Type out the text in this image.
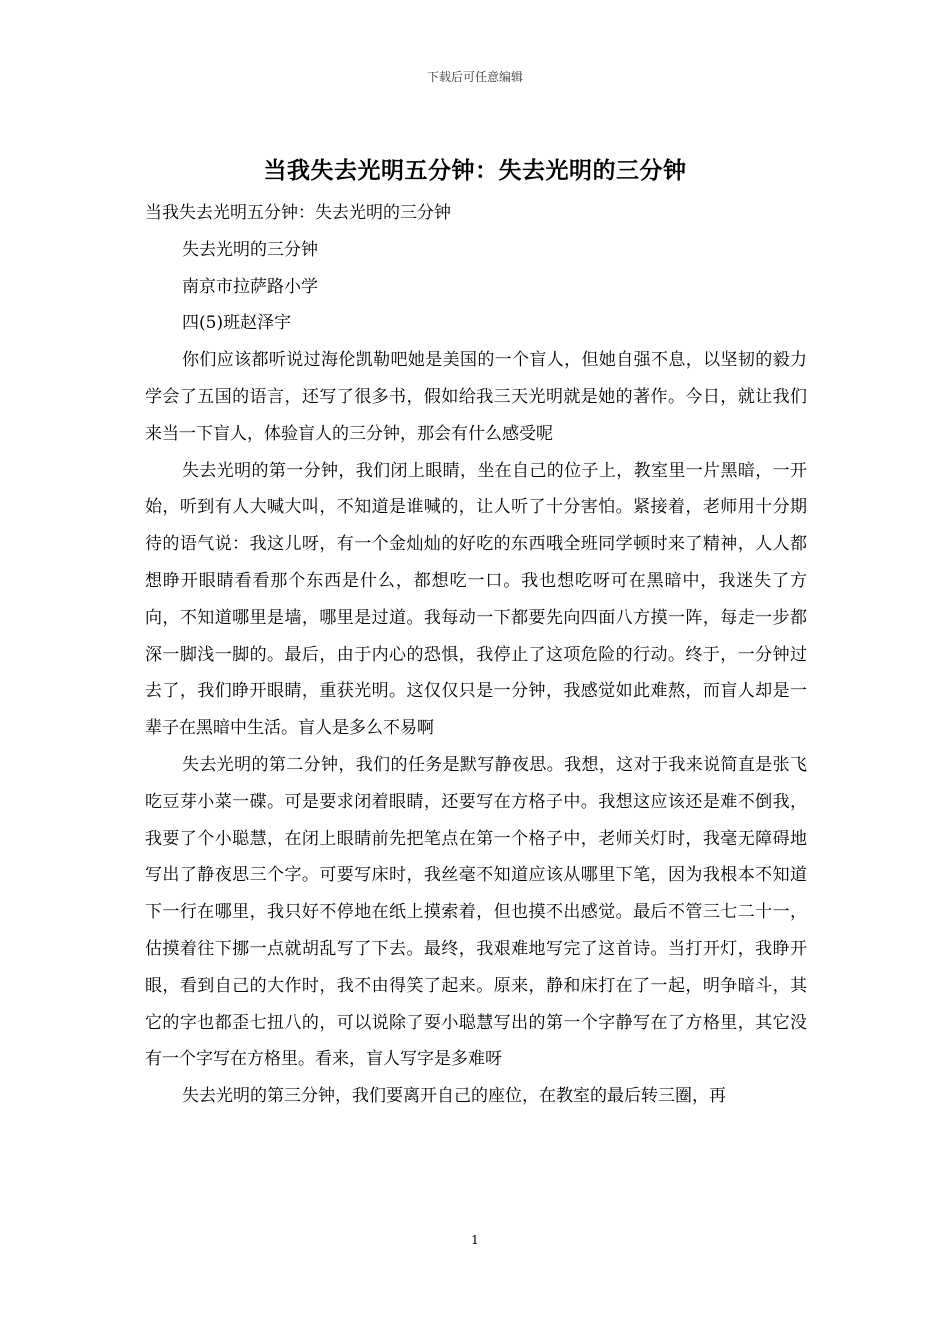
下载后可任意编辑
当我失去光明五分钟：失去光明的三分钟
当我失去光明五分钟：失去光明的三分钟
失去光明的三分钟
南京市拉萨路小学
四(5)班赵泽宇

你们应该都听说过海伦凯勒吧她是美国的一个盲人，但她自强不息，以坚韧的毅力学会了五国的语言，还写了很多书，假如给我三天光明就是她的著作。今日，就让我们来当一下盲人，体验盲人的三分钟，那会有什么感受呢

失去光明的第一分钟，我们闭上眼睛，坐在自己的位子上，教室里一片黑暗，一开始，听到有人大喊大叫，不知道是谁喊的，让人听了十分害怕。紧接着，老师用十分期待的语气说：我这儿呀，有一个金灿灿的好吃的东西哦全班同学顿时来了精神，人人都想睁开眼睛看看那个东西是什么，都想吃一口。我也想吃呀可在黑暗中，我迷失了方向，不知道哪里是墙，哪里是过道。我每动一下都要先向四面八方摸一阵，每走一步都深一脚浅一脚的。最后，由于内心的恐惧，我停止了这项危险的行动。终于，一分钟过去了，我们睁开眼睛，重获光明。这仅仅只是一分钟，我感觉如此难熬，而盲人却是一辈子在黑暗中生活。盲人是多么不易啊

失去光明的第二分钟，我们的任务是默写静夜思。我想，这对于我来说简直是张飞吃豆芽小菜一碟。可是要求闭着眼睛，还要写在方格子中。我想这应该还是难不倒我，我要了个小聪慧，在闭上眼睛前先把笔点在第一个格子中，老师关灯时，我毫无障碍地写出了静夜思三个字。可要写床时，我丝毫不知道应该从哪里下笔，因为我根本不知道下一行在哪里，我只好不停地在纸上摸索着，但也摸不出感觉。最后不管三七二十一，估摸着往下挪一点就胡乱写了下去。最终，我艰难地写完了这首诗。当打开灯，我睁开眼，看到自己的大作时，我不由得笑了起来。原来，静和床打在了一起，明争暗斗，其它的字也都歪七扭八的，可以说除了耍小聪慧写出的第一个字静写在了方格里，其它没有一个字写在方格里。看来，盲人写字是多难呀

失去光明的第三分钟，我们要离开自己的座位，在教室的最后转三圈，再

1
